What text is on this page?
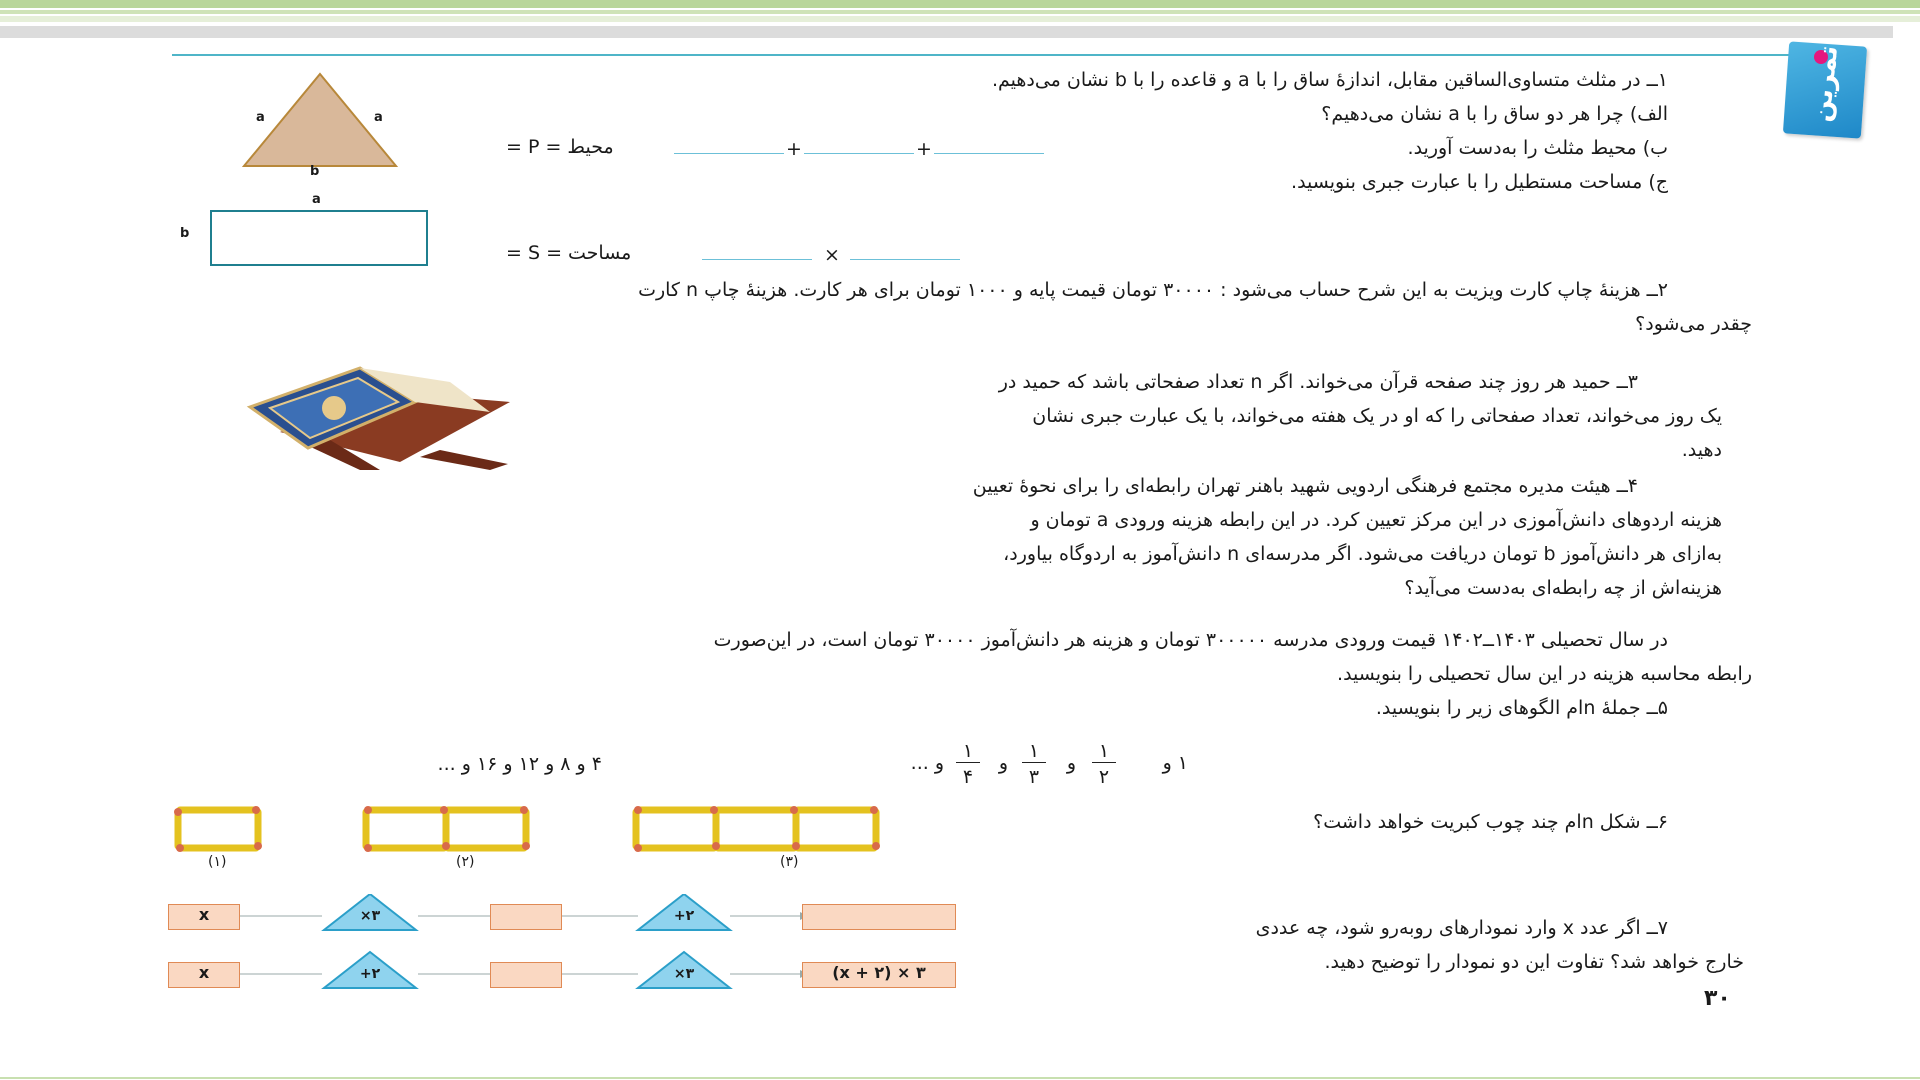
تمرین
۱ــ در مثلث متساوی‌الساقین مقابل، اندازهٔ ساق را با a و قاعده را با b نشان می‌دهیم.
الف) چرا هر دو ساق را با a نشان می‌دهیم؟
ب) محیط مثلث را به‌دست آورید.
ج) مساحت مستطیل را با عبارت جبری بنویسید.
a	a
b
محیط = P =	+	+
a
b
مساحت = S =	×
۲ــ هزینهٔ چاپ کارت ویزیت به این شرح حساب می‌شود : ۳۰۰۰۰ تومان قیمت پایه و ۱۰۰۰ تومان برای هر کارت. هزینهٔ چاپ n کارت
چقدر می‌شود؟
۳ــ حمید هر روز چند صفحه قرآن می‌خواند. اگر n تعداد صفحاتی باشد که حمید در
یک روز می‌خواند، تعداد صفحاتی را که او در یک هفته می‌خواند، با یک عبارت جبری نشان
دهید.
۴ــ هیئت مدیره مجتمع فرهنگی اردویی شهید باهنر تهران رابطه‌ای را برای نحوهٔ تعیین
هزینه اردوهای دانش‌آموزی در این مرکز تعیین کرد. در این رابطه هزینه ورودی a تومان و
به‌ازای هر دانش‌آموز b تومان دریافت می‌شود. اگر مدرسه‌ای n دانش‌آموز به اردوگاه بیاورد،
هزینه‌اش از چه رابطه‌ای به‌دست می‌آید؟
در سال تحصیلی ۱۴۰۳ــ۱۴۰۲ قیمت ورودی مدرسه ۳۰۰۰۰۰ تومان و هزینه هر دانش‌آموز ۳۰۰۰۰ تومان است، در این‌صورت
رابطه محاسبه هزینه در این سال تحصیلی را بنویسید.
۵ــ جملهٔ nام الگوهای زیر را بنویسید.
۱ و
۱
۲
و
۱
۳
و
۱
۴
و ...
۴ و ۸ و ۱۲ و ۱۶ و ...
۶ــ شکل nام چند چوب کبریت خواهد داشت؟
(۱)	(۲)	(۳)
۷ــ اگر عدد x وارد نمودارهای روبه‌رو شود، چه عددی
خارج خواهد شد؟ تفاوت این دو نمودار را توضیح دهید.
x	×۳	+۲
x	+۲	×۳	(x + ۲) × ۳
۳۰
